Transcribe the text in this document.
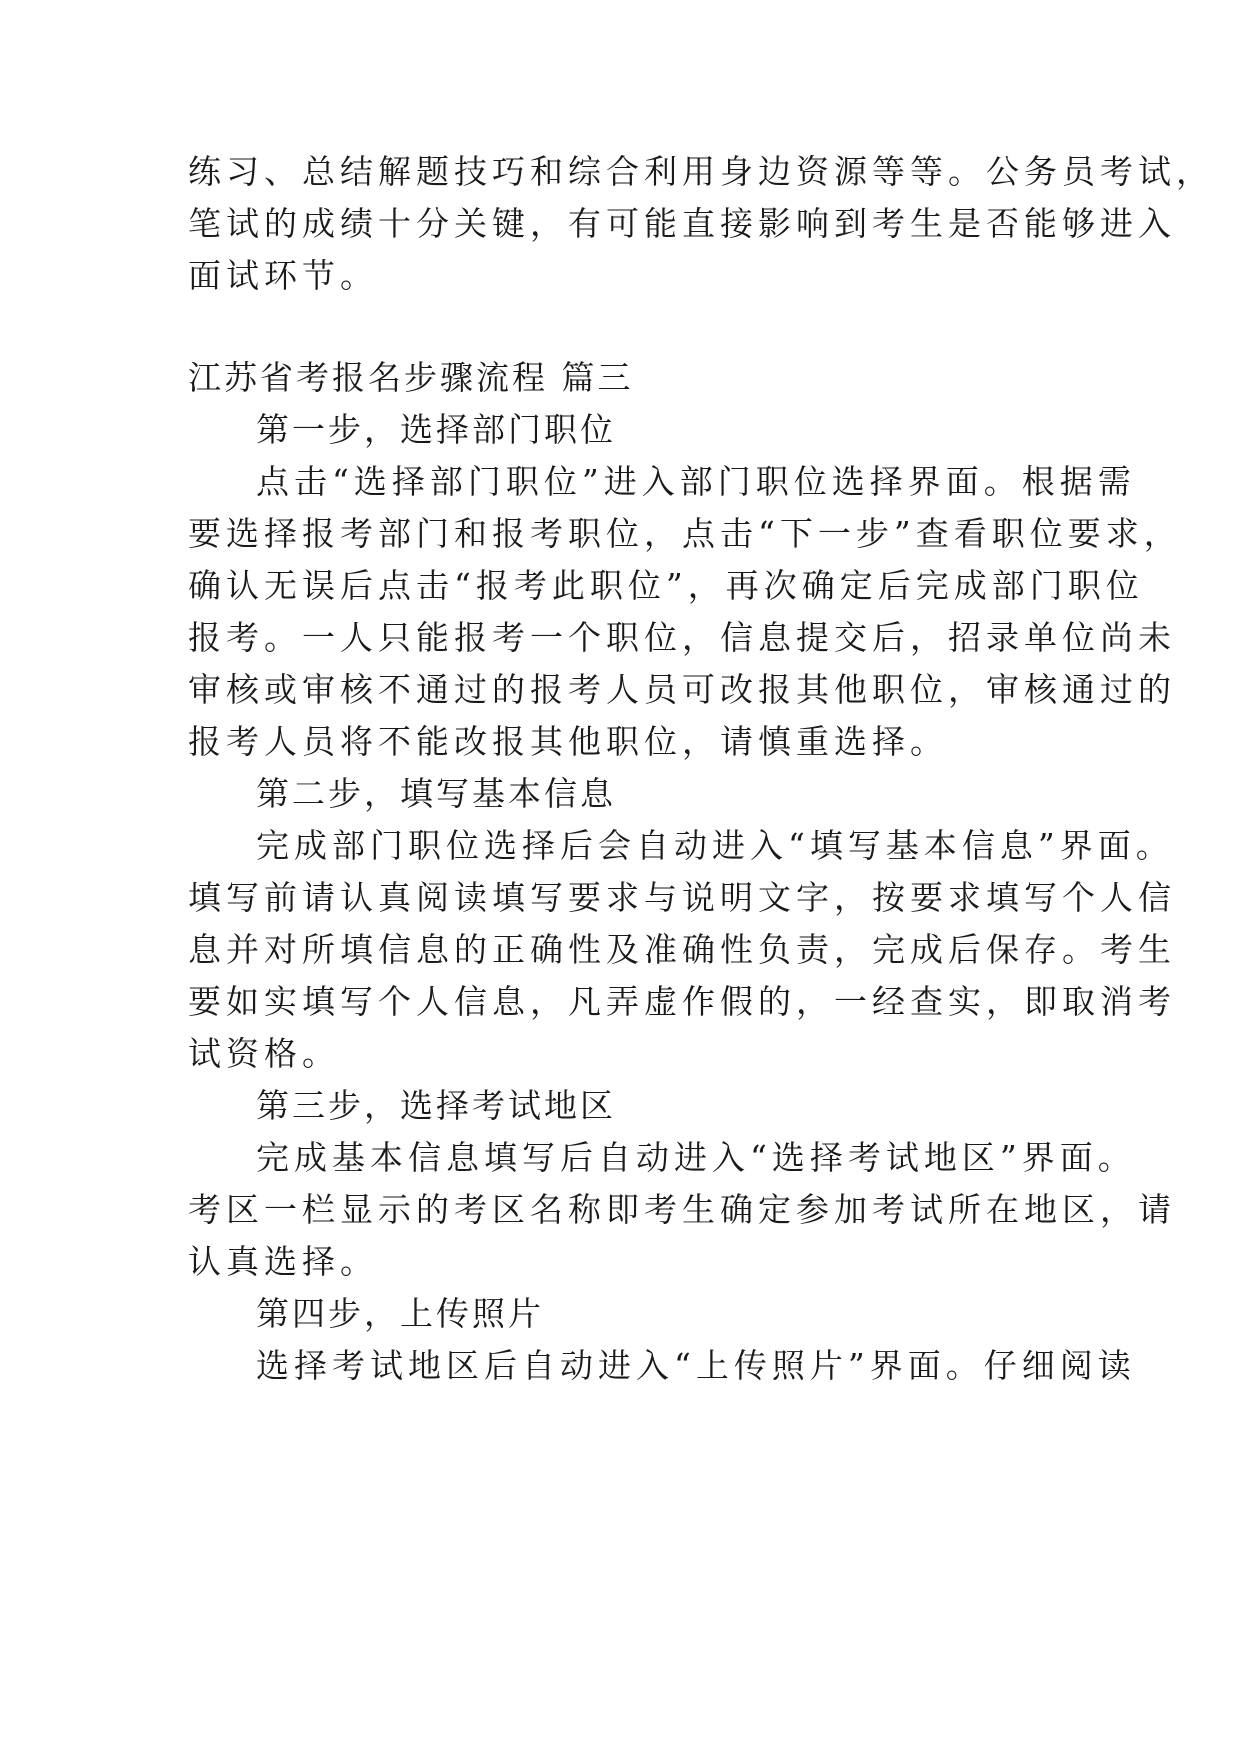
练习、总结解题技巧和综合利用身边资源等等。公务员考试，
笔试的成绩十分关键，有可能直接影响到考生是否能够进入
面试环节。
江苏省考报名步骤流程 篇三
第一步，选择部门职位
点击“选择部门职位”进入部门职位选择界面。根据需
要选择报考部门和报考职位，点击“下一步”查看职位要求，
确认无误后点击“报考此职位”，再次确定后完成部门职位
报考。一人只能报考一个职位，信息提交后，招录单位尚未
审核或审核不通过的报考人员可改报其他职位，审核通过的
报考人员将不能改报其他职位，请慎重选择。
第二步，填写基本信息
完成部门职位选择后会自动进入“填写基本信息”界面。
填写前请认真阅读填写要求与说明文字，按要求填写个人信
息并对所填信息的正确性及准确性负责，完成后保存。考生
要如实填写个人信息，凡弄虚作假的，一经查实，即取消考
试资格。
第三步，选择考试地区
完成基本信息填写后自动进入“选择考试地区”界面。
考区一栏显示的考区名称即考生确定参加考试所在地区，请
认真选择。
第四步，上传照片
选择考试地区后自动进入“上传照片”界面。仔细阅读
